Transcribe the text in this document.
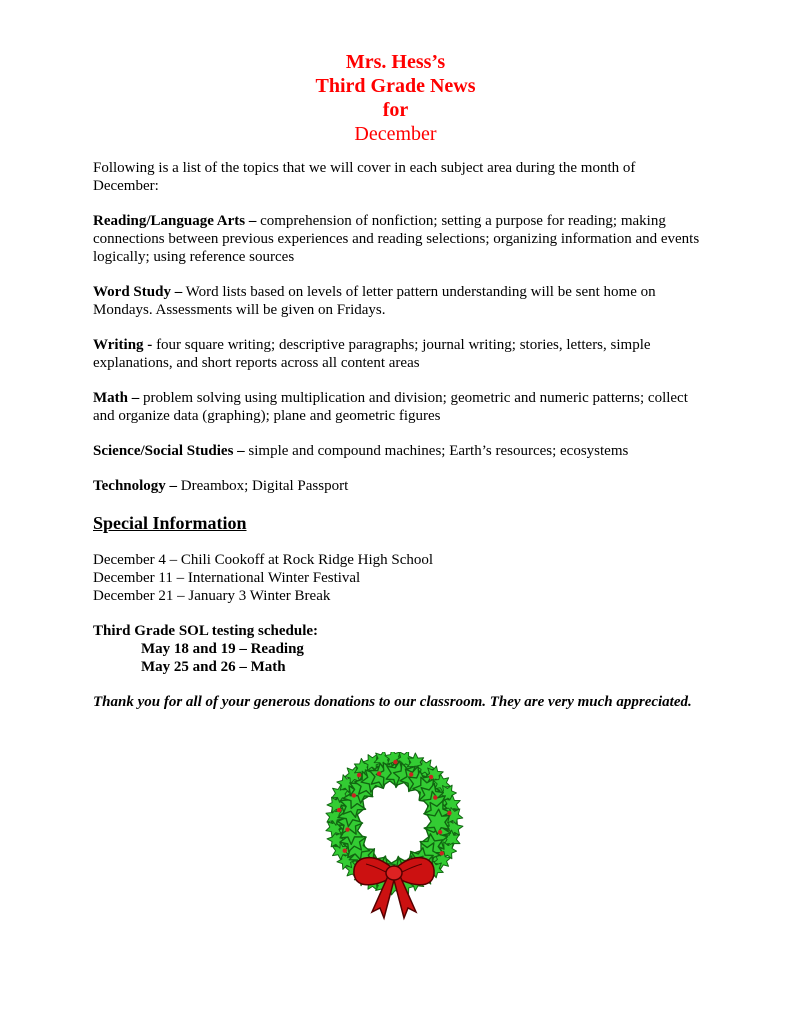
Mrs. Hess’s
Third Grade News
for
December

Following is a list of the topics that we will cover in each subject area during the month of December:

Reading/Language Arts – comprehension of nonfiction; setting a purpose for reading; making connections between previous experiences and reading selections; organizing information and events logically; using reference sources

Word Study – Word lists based on levels of letter pattern understanding will be sent home on Mondays. Assessments will be given on Fridays.

Writing - four square writing; descriptive paragraphs; journal writing; stories, letters, simple explanations, and short reports across all content areas

Math – problem solving using multiplication and division; geometric and numeric patterns; collect and organize data (graphing); plane and geometric figures

Science/Social Studies – simple and compound machines; Earth’s resources; ecosystems

Technology – Dreambox; Digital Passport

Special Information
December 4 – Chili Cookoff at Rock Ridge High School
December 11 – International Winter Festival
December 21 – January 3 Winter Break
Third Grade SOL testing schedule:
May 18 and 19 – Reading
May 25 and 26 – Math
Thank you for all of your generous donations to our classroom. They are very much appreciated.
